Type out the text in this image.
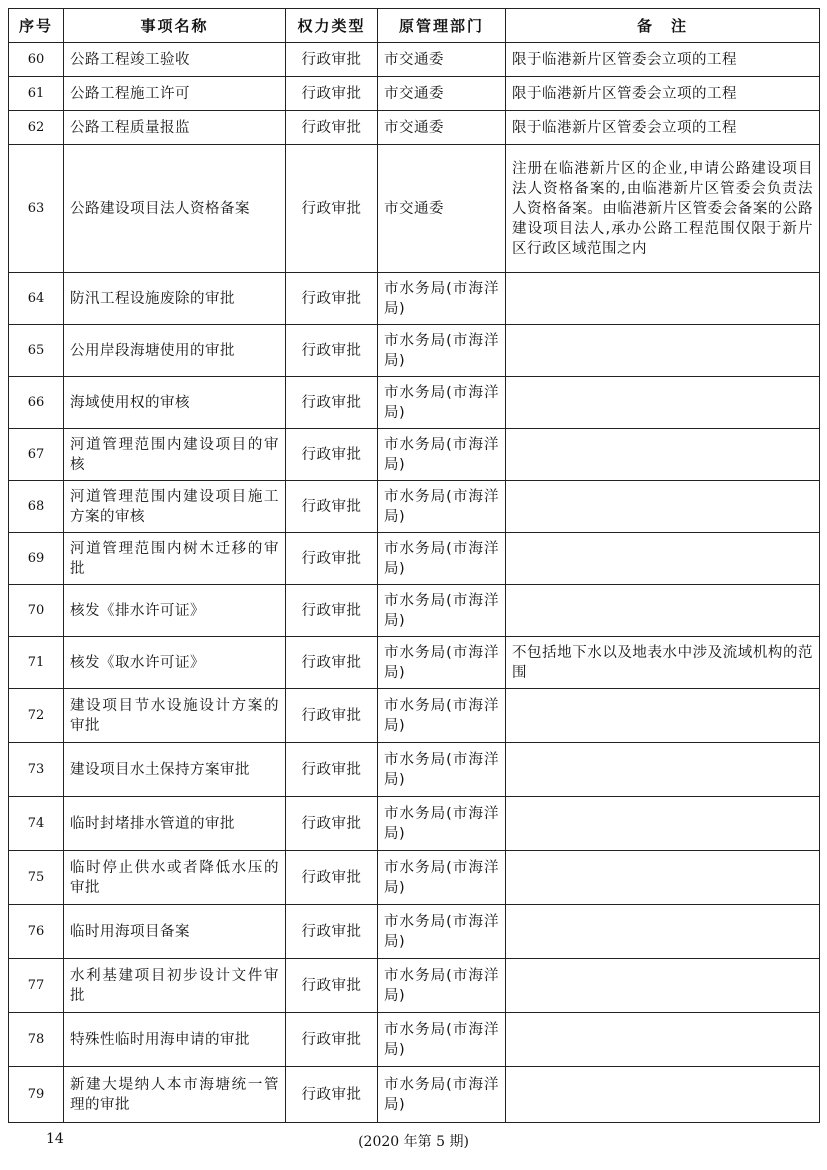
序号	事项名称	权力类型	原管理部门	备　注
60	公路工程竣工验收	行政审批	市交通委	限于临港新片区管委会立项的工程
61	公路工程施工许可	行政审批	市交通委	限于临港新片区管委会立项的工程
62	公路工程质量报监	行政审批	市交通委	限于临港新片区管委会立项的工程
63	公路建设项目法人资格备案	行政审批	市交通委	注册在临港新片区的企业,申请公路建设项目法人资格备案的,由临港新片区管委会负责法人资格备案。由临港新片区管委会备案的公路建设项目法人,承办公路工程范围仅限于新片区行政区域范围之内
64	防汛工程设施废除的审批	行政审批	市水务局(市海洋局)	
65	公用岸段海塘使用的审批	行政审批	市水务局(市海洋局)	
66	海域使用权的审核	行政审批	市水务局(市海洋局)	
67	河道管理范围内建设项目的审核	行政审批	市水务局(市海洋局)	
68	河道管理范围内建设项目施工方案的审核	行政审批	市水务局(市海洋局)	
69	河道管理范围内树木迁移的审批	行政审批	市水务局(市海洋局)	
70	核发《排水许可证》	行政审批	市水务局(市海洋局)	
71	核发《取水许可证》	行政审批	市水务局(市海洋局)	不包括地下水以及地表水中涉及流域机构的范围
72	建设项目节水设施设计方案的审批	行政审批	市水务局(市海洋局)	
73	建设项目水土保持方案审批	行政审批	市水务局(市海洋局)	
74	临时封堵排水管道的审批	行政审批	市水务局(市海洋局)	
75	临时停止供水或者降低水压的审批	行政审批	市水务局(市海洋局)	
76	临时用海项目备案	行政审批	市水务局(市海洋局)	
77	水利基建项目初步设计文件审批	行政审批	市水务局(市海洋局)	
78	特殊性临时用海申请的审批	行政审批	市水务局(市海洋局)	
79	新建大堤纳人本市海塘统一管理的审批	行政审批	市水务局(市海洋局)	
14	(2020 年第 5 期)
